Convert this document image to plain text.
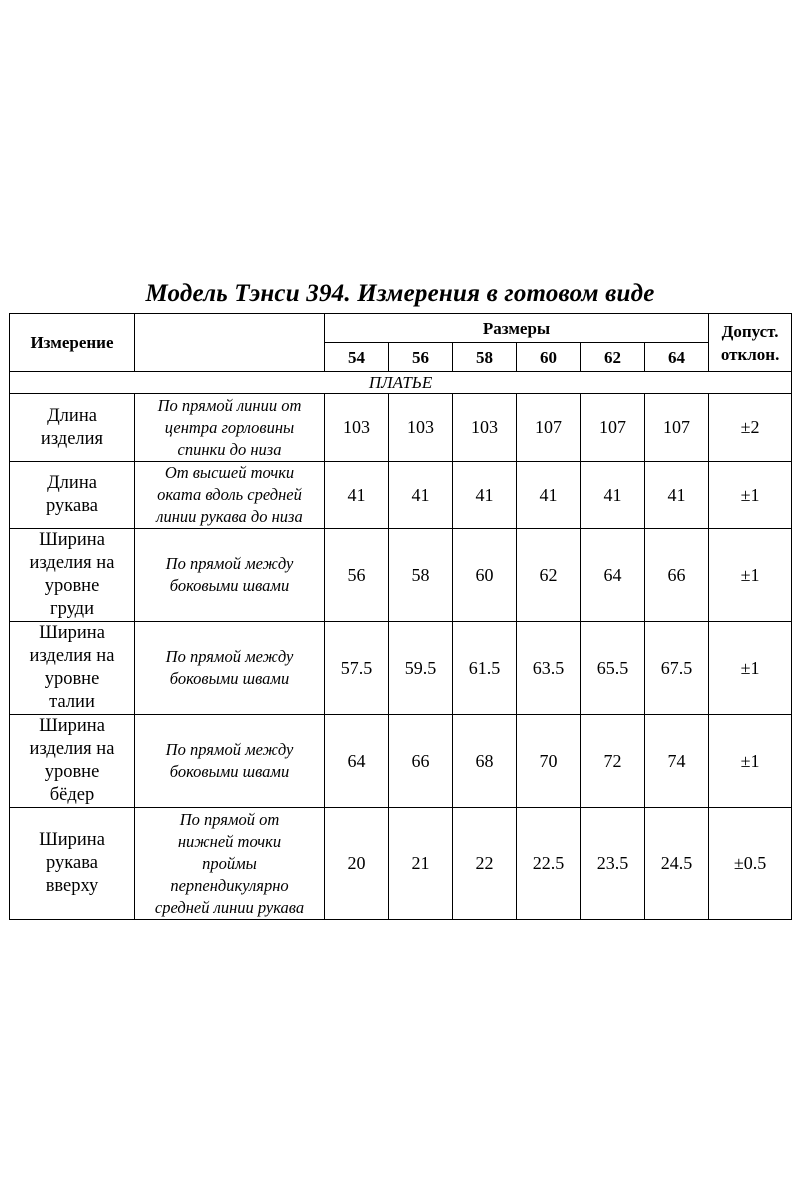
Модель Тэнси 394. Измерения в готовом виде
Измерение		Размеры						Допуст.
отклон.
		54	56	58	60	62	64	
ПЛАТЬЕ								
Длина
изделия	По прямой линии от
центра горловины
спинки до низа	103	103	103	107	107	107	±2
Длина
рукава	От высшей точки
оката вдоль средней
линии рукава до низа	41	41	41	41	41	41	±1
Ширина
изделия на
уровне
груди	По прямой между
боковыми швами	56	58	60	62	64	66	±1
Ширина
изделия на
уровне
талии	По прямой между
боковыми швами	57.5	59.5	61.5	63.5	65.5	67.5	±1
Ширина
изделия на
уровне
бёдер	По прямой между
боковыми швами	64	66	68	70	72	74	±1
Ширина
рукава
вверху	По прямой от
нижней точки
проймы
перпендикулярно
средней линии рукава	20	21	22	22.5	23.5	24.5	±0.5
